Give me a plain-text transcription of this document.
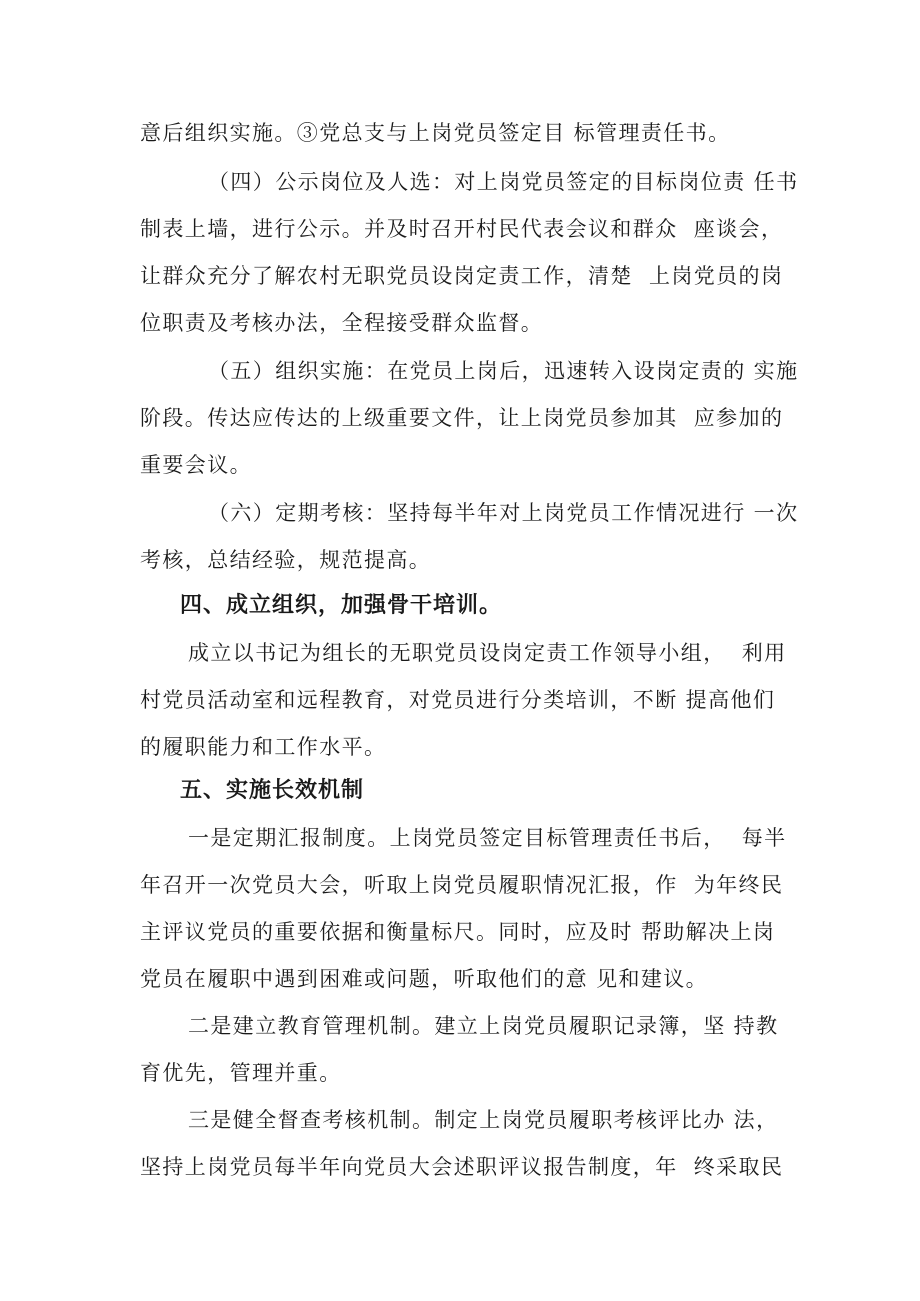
意后组织实施。③党总支与上岗党员签定目 标管理责任书。
（四）公示岗位及人选：对上岗党员签定的目标岗位责 任书
制表上墙，进行公示。并及时召开村民代表会议和群众  座谈会，
让群众充分了解农村无职党员设岗定责工作，清楚  上岗党员的岗
位职责及考核办法，全程接受群众监督。
（五）组织实施：在党员上岗后，迅速转入设岗定责的 实施
阶段。传达应传达的上级重要文件，让上岗党员参加其  应参加的
重要会议。
（六）定期考核：坚持每半年对上岗党员工作情况进行 一次
考核，总结经验，规范提高。
四、成立组织，加强骨干培训。
成立以书记为组长的无职党员设岗定责工作领导小组，  利用
村党员活动室和远程教育，对党员进行分类培训，不断 提高他们
的履职能力和工作水平。
五、实施长效机制
一是定期汇报制度。上岗党员签定目标管理责任书后，  每半
年召开一次党员大会，听取上岗党员履职情况汇报，作  为年终民
主评议党员的重要依据和衡量标尺。同时，应及时 帮助解决上岗
党员在履职中遇到困难或问题，听取他们的意 见和建议。
二是建立教育管理机制。建立上岗党员履职记录簿，坚 持教
育优先，管理并重。
三是健全督查考核机制。制定上岗党员履职考核评比办 法，
坚持上岗党员每半年向党员大会述职评议报告制度，年  终采取民
